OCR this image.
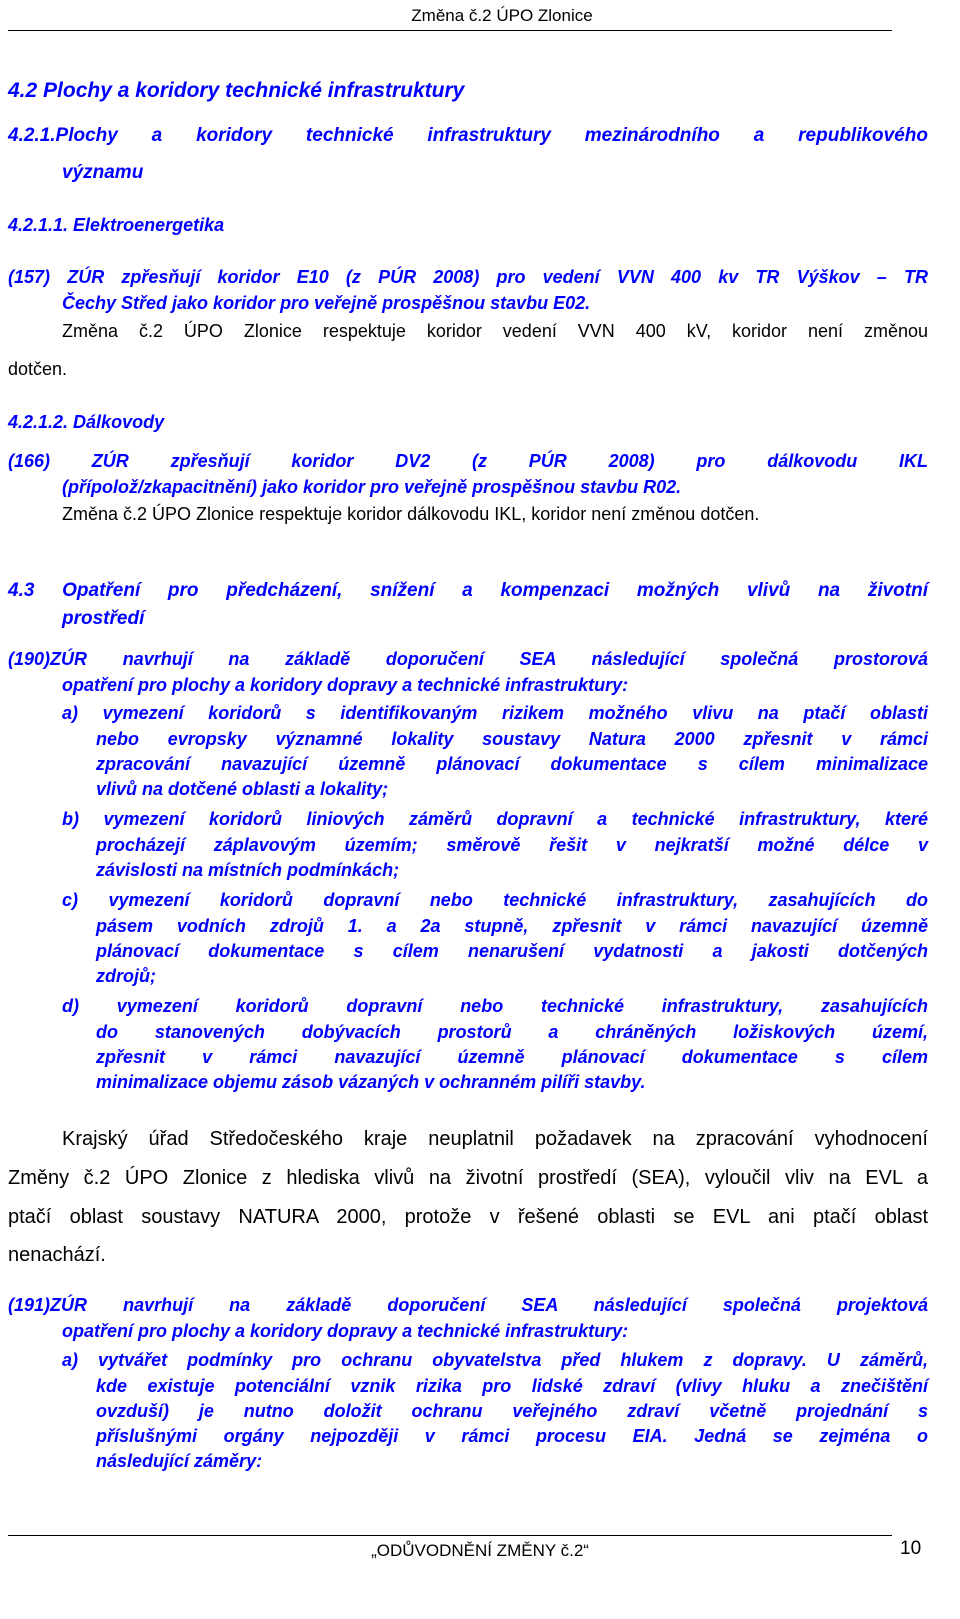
Změna č.2 ÚPO Zlonice
4.2 Plochy a koridory technické infrastruktury
4.2.1.Plochy a koridory technické infrastruktury mezinárodního a republikového
významu
4.2.1.1. Elektroenergetika
(157) ZÚR zpřesňují koridor E10 (z PÚR 2008) pro vedení VVN 400 kv TR Výškov – TR
Čechy Střed jako koridor pro veřejně prospěšnou stavbu E02.
Změna č.2 ÚPO Zlonice respektuje koridor vedení VVN 400 kV, koridor není změnou
dotčen.
4.2.1.2. Dálkovody
(166) ZÚR zpřesňují koridor DV2 (z PÚR 2008) pro dálkovodu IKL
(přípolož/zkapacitnění) jako koridor pro veřejně prospěšnou stavbu R02.
Změna č.2 ÚPO Zlonice respektuje koridor dálkovodu IKL, koridor není změnou dotčen.
4.3 Opatření pro předcházení, snížení a kompenzaci možných vlivů na životní
prostředí
(190)ZÚR navrhují na základě doporučení SEA následující společná prostorová
opatření pro plochy a koridory dopravy a technické infrastruktury:
a) vymezení koridorů s identifikovaným rizikem možného vlivu na ptačí oblasti
nebo evropsky významné lokality soustavy Natura 2000 zpřesnit v rámci
zpracování navazující územně plánovací dokumentace s cílem minimalizace
vlivů na dotčené oblasti a lokality;
b) vymezení koridorů liniových záměrů dopravní a technické infrastruktury, které
procházejí záplavovým územím; směrově řešit v nejkratší možné délce v
závislosti na místních podmínkách;
c) vymezení koridorů dopravní nebo technické infrastruktury, zasahujících do
pásem vodních zdrojů 1. a 2a stupně, zpřesnit v rámci navazující územně
plánovací dokumentace s cílem nenarušení vydatnosti a jakosti dotčených
zdrojů;
d) vymezení koridorů dopravní nebo technické infrastruktury, zasahujících
do stanovených dobývacích prostorů a chráněných ložiskových území,
zpřesnit v rámci navazující územně plánovací dokumentace s cílem
minimalizace objemu zásob vázaných v ochranném pilíři stavby.
Krajský úřad Středočeského kraje neuplatnil požadavek na zpracování vyhodnocení
Změny č.2 ÚPO Zlonice z hlediska vlivů na životní prostředí (SEA), vyloučil vliv na EVL a
ptačí oblast soustavy NATURA 2000, protože v řešené oblasti se EVL ani ptačí oblast
nenachází.
(191)ZÚR navrhují na základě doporučení SEA následující společná projektová
opatření pro plochy a koridory dopravy a technické infrastruktury:
a) vytvářet podmínky pro ochranu obyvatelstva před hlukem z dopravy. U záměrů,
kde existuje potenciální vznik rizika pro lidské zdraví (vlivy hluku a znečištění
ovzduší) je nutno doložit ochranu veřejného zdraví včetně projednání s
příslušnými orgány nejpozději v rámci procesu EIA. Jedná se zejména o
následující záměry:
„ODŮVODNĚNÍ ZMĚNY č.2“	10
